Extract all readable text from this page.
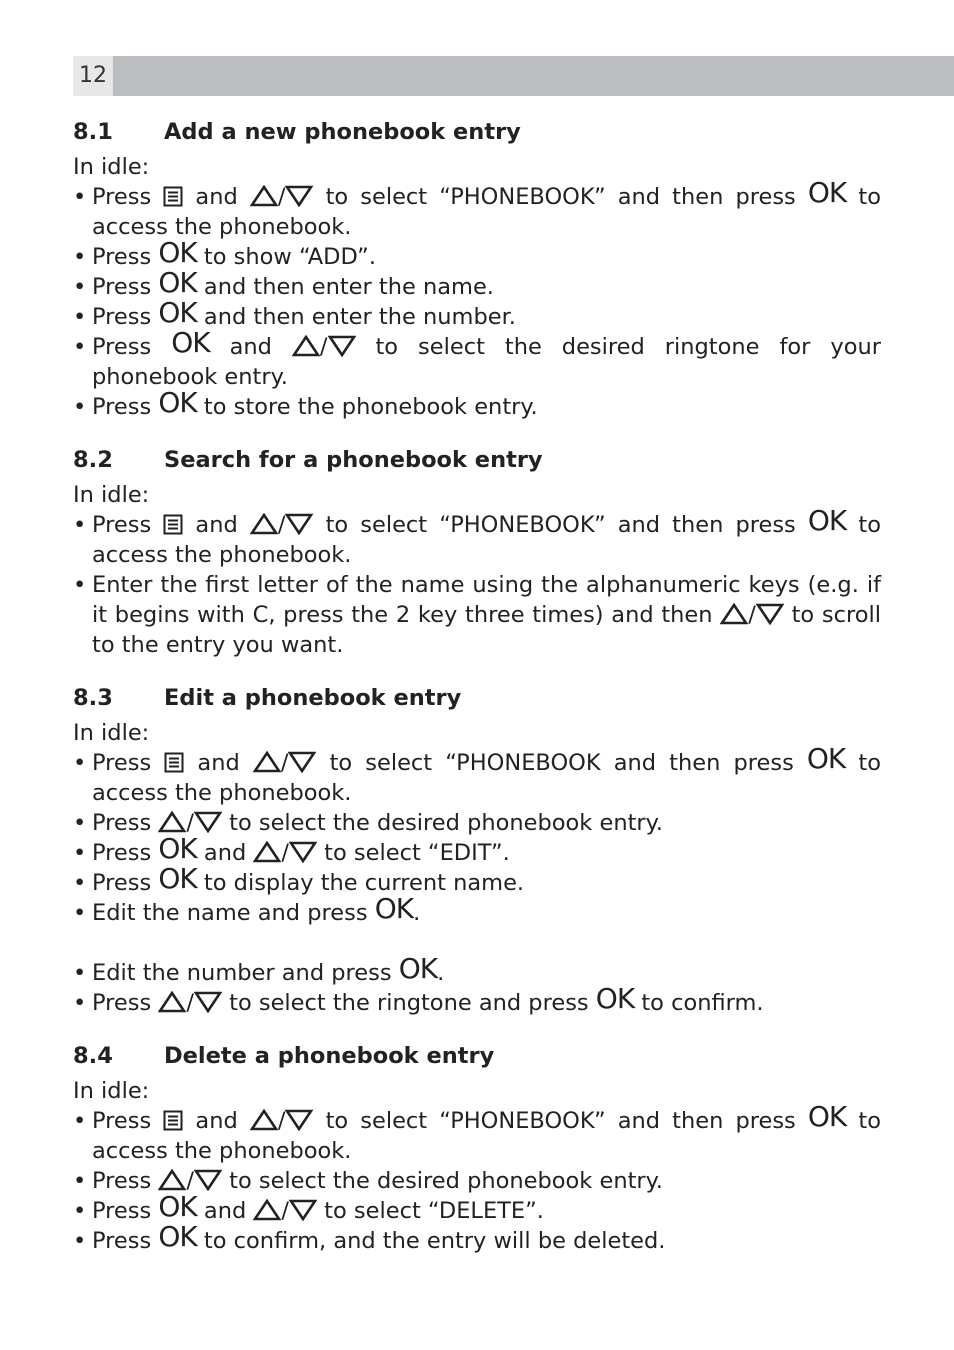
12
8.1	Add a new phonebook entry
In idle:
• Press  and / to select “PHONEBOOK” and then press OK to access the phonebook.
• Press OK to show “ADD”.
• Press OK and then enter the name.
• Press OK and then enter the number.
• Press OK and / to select the desired ringtone for your phonebook entry.
• Press OK to store the phonebook entry.
8.2	Search for a phonebook entry
In idle:
• Press  and / to select “PHONEBOOK” and then press OK to access the phonebook.
• Enter the first letter of the name using the alphanumeric keys (e.g. if it begins with C, press the 2 key three times) and then / to scroll to the entry you want.
8.3	Edit a phonebook entry
In idle:
• Press  and / to select “PHONEBOOK and then press OK to access the phonebook.
• Press / to select the desired phonebook entry.
• Press OK and / to select “EDIT”.
• Press OK to display the current name.
• Edit the name and press OK.
• Edit the number and press OK.
• Press / to select the ringtone and press OK to confirm.
8.4	Delete a phonebook entry
In idle:
• Press  and / to select “PHONEBOOK” and then press OK to access the phonebook.
• Press / to select the desired phonebook entry.
• Press OK and / to select “DELETE”.
• Press OK to confirm, and the entry will be deleted.
